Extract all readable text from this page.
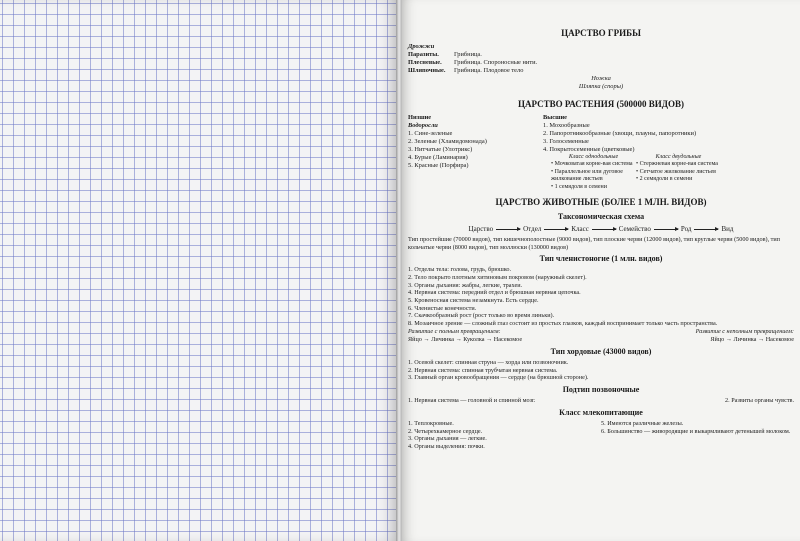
ЦАРСТВО ГРИБЫ
Дрожжи
Паразиты.	Грибница.
Плесневые.	Грибница. Спороносные нити.
Шляпочные.	Грибница. Плодовое тело
Ножка
Шляпка (споры)
ЦАРСТВО РАСТЕНИЯ (500000 ВИДОВ)
Низшие
Водоросли
1. Сине-зеленые
2. Зеленые (Хламидомонада)
3. Нитчатые (Улотрикс)
4. Бурые (Ламинария)
5. Красные (Порфира)
Высшие
1. Мохообразные
2. Папоротникообразные (хвощи, плауны, папоротники)
3. Голосеменные
4. Покрытосеменные (цветковые)
Класс однодольные
• Мочковатая корне-вая система
• Параллельное или дуговое жилкование листьев
• 1 семядоля в семени
Класс двудольные
• Стержневая корне-вая система
• Сетчатое жилкование листьев
• 2 семядоли в семени
ЦАРСТВО ЖИВОТНЫЕ (БОЛЕЕ 1 МЛН. ВИДОВ)
Таксономическая схема
Царство	Отдел	Класс	Семейство	Род	Вид
Тип простейшие (70000 видов), тип кишечнополостные (9000 видов), тип плоские черви (12000 видов), тип круглые черви (5000 видов), тип кольчатые черви (8000 видов), тип моллюски (130000 видов)
Тип членистоногие (1 млн. видов)
1. Отделы тела: голова, грудь, брюшко.
2. Тело покрыто плотным хитиновым покровом (наружный скелет).
3. Органы дыхания: жабры, легкие, трахеи.
4. Нервная система: передний отдел и брюшная нервная цепочка.
5. Кровеносная система незамкнута. Есть сердце.
6. Членистые конечности.
7. Скачкообразный рост (рост только во время линьки).
8. Мозаичное зрение — сложный глаз состоит из простых глазков, каждый воспринимает только часть пространства.
Развитие с полным превращением:	Развитие с неполным превращением:
Яйцо → Личинка → Куколка → Насекомое	Яйцо → Личинка → Насекомое
Тип хордовые (43000 видов)
1. Осевой скелет: спинная струна — хорда или позвоночник.
2. Нервная система: спинная трубчатая нервная система.
3. Главный орган кровообращения — сердце (на брюшной стороне).
Подтип позвоночные
1. Нервная система — головной и спинной мозг.	2. Развиты органы чувств.
Класс млекопитающие
1. Теплокровные.
2. Четырехкамерное сердце.
3. Органы дыхания — легкие.
4. Органы выделения: почки.
5. Имеются различные железы.
6. Большинство — живородящие и выкармливают детенышей молоком.
